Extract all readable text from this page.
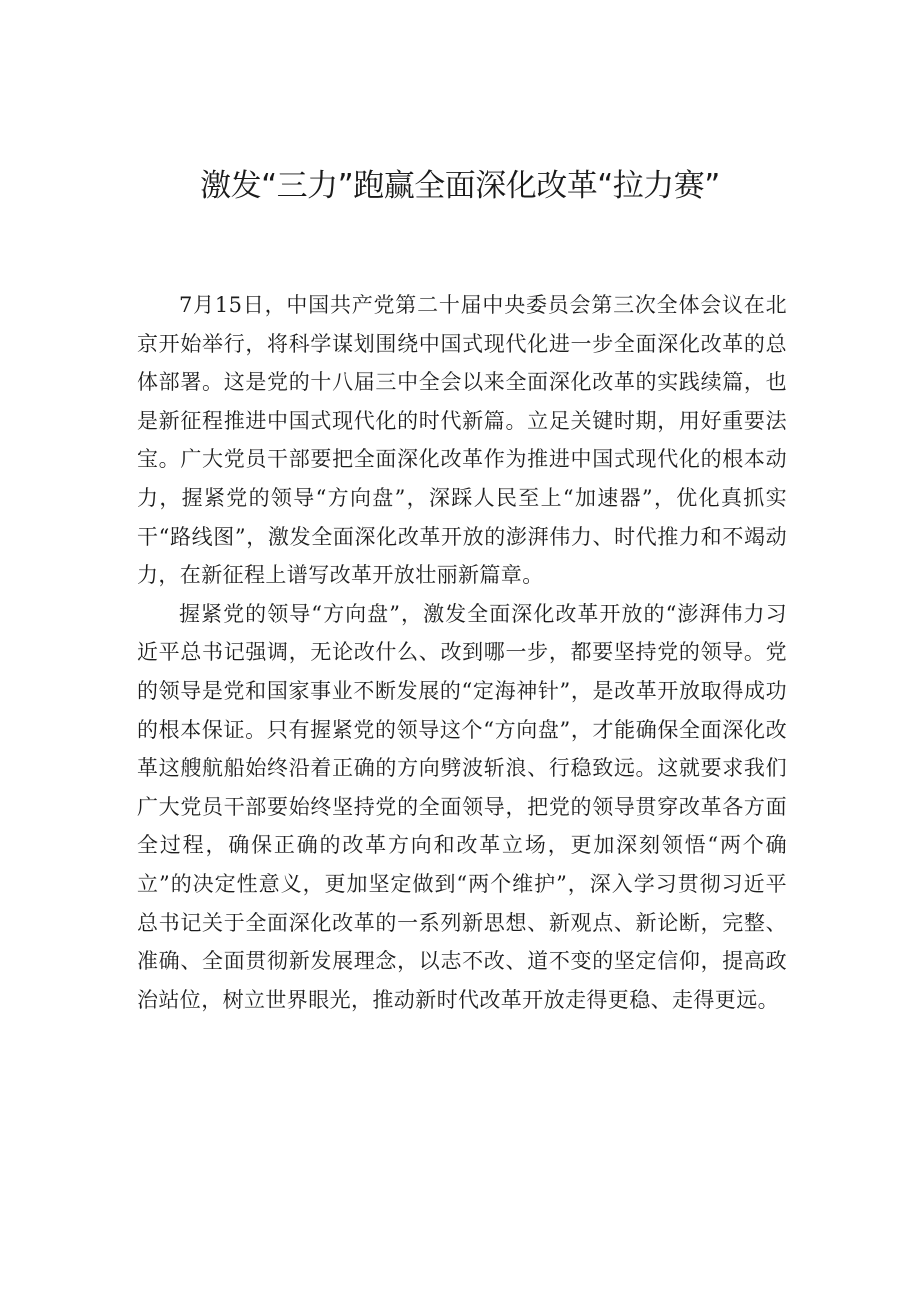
激发“三力”跑赢全面深化改革“拉力赛”

7月15日，中国共产党第二十届中央委员会第三次全体会议在北京开始举行，将科学谋划围绕中国式现代化进一步全面深化改革的总体部署。这是党的十八届三中全会以来全面深化改革的实践续篇，也是新征程推进中国式现代化的时代新篇。立足关键时期，用好重要法宝。广大党员干部要把全面深化改革作为推进中国式现代化的根本动力，握紧党的领导“方向盘”，深踩人民至上“加速器”，优化真抓实干“路线图”，激发全面深化改革开放的澎湃伟力、时代推力和不竭动力，在新征程上谱写改革开放壮丽新篇章。

握紧党的领导“方向盘”，激发全面深化改革开放的“澎湃伟力习近平总书记强调，无论改什么、改到哪一步，都要坚持党的领导。党的领导是党和国家事业不断发展的“定海神针”，是改革开放取得成功的根本保证。只有握紧党的领导这个“方向盘”，才能确保全面深化改革这艘航船始终沿着正确的方向劈波斩浪、行稳致远。这就要求我们广大党员干部要始终坚持党的全面领导，把党的领导贯穿改革各方面全过程，确保正确的改革方向和改革立场，更加深刻领悟“两个确立”的决定性意义，更加坚定做到“两个维护”，深入学习贯彻习近平总书记关于全面深化改革的一系列新思想、新观点、新论断，完整、准确、全面贯彻新发展理念，以志不改、道不变的坚定信仰，提高政治站位，树立世界眼光，推动新时代改革开放走得更稳、走得更远。
